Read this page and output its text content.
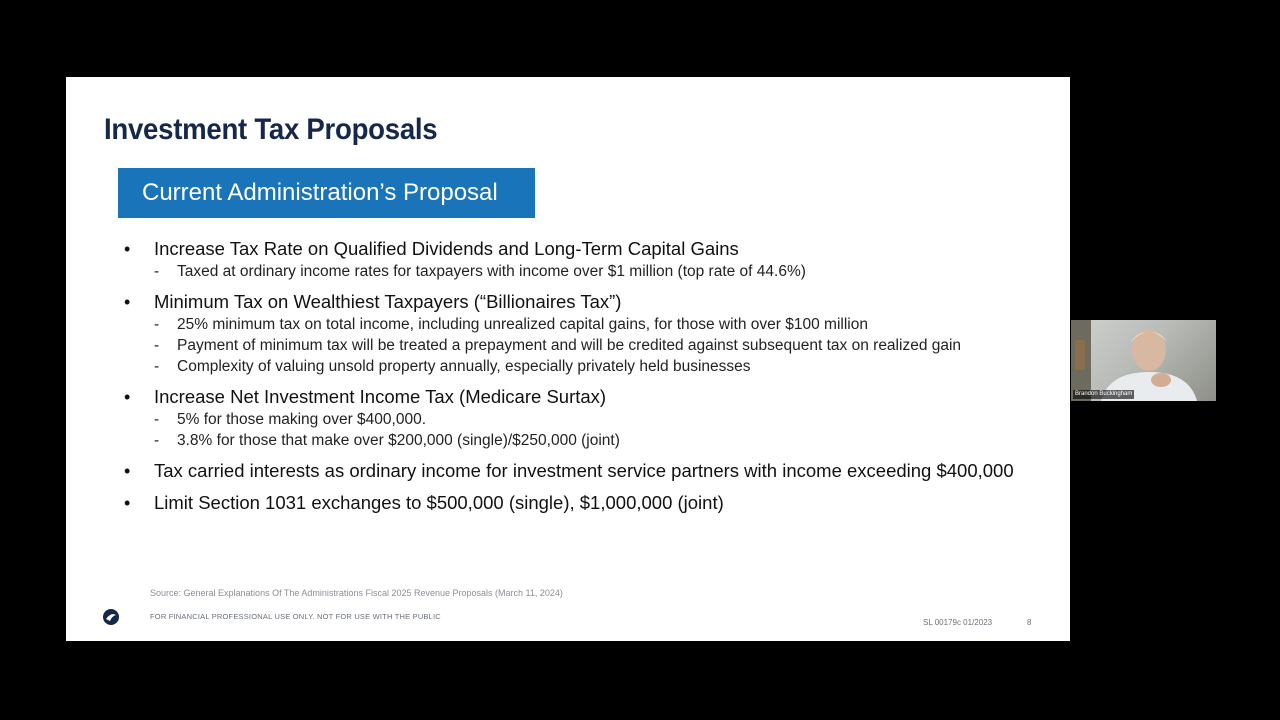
Investment Tax Proposals
Current Administration’s Proposal
• Increase Tax Rate on Qualified Dividends and Long-Term Capital Gains
- Taxed at ordinary income rates for taxpayers with income over $1 million (top rate of 44.6%)
• Minimum Tax on Wealthiest Taxpayers (“Billionaires Tax”)
- 25% minimum tax on total income, including unrealized capital gains, for those with over $100 million
- Payment of minimum tax will be treated a prepayment and will be credited against subsequent tax on realized gain
- Complexity of valuing unsold property annually, especially privately held businesses
• Increase Net Investment Income Tax (Medicare Surtax)
- 5% for those making over $400,000.
- 3.8% for those that make over $200,000 (single)/$250,000 (joint)
• Tax carried interests as ordinary income for investment service partners with income exceeding $400,000
• Limit Section 1031 exchanges to $500,000 (single), $1,000,000 (joint)
Source: General Explanations Of The Administrations Fiscal 2025 Revenue Proposals (March 11, 2024)
FOR FINANCIAL PROFESSIONAL USE ONLY. NOT FOR USE WITH THE PUBLIC
SL 00179c 01/2023	8
Brandon Buckingham
